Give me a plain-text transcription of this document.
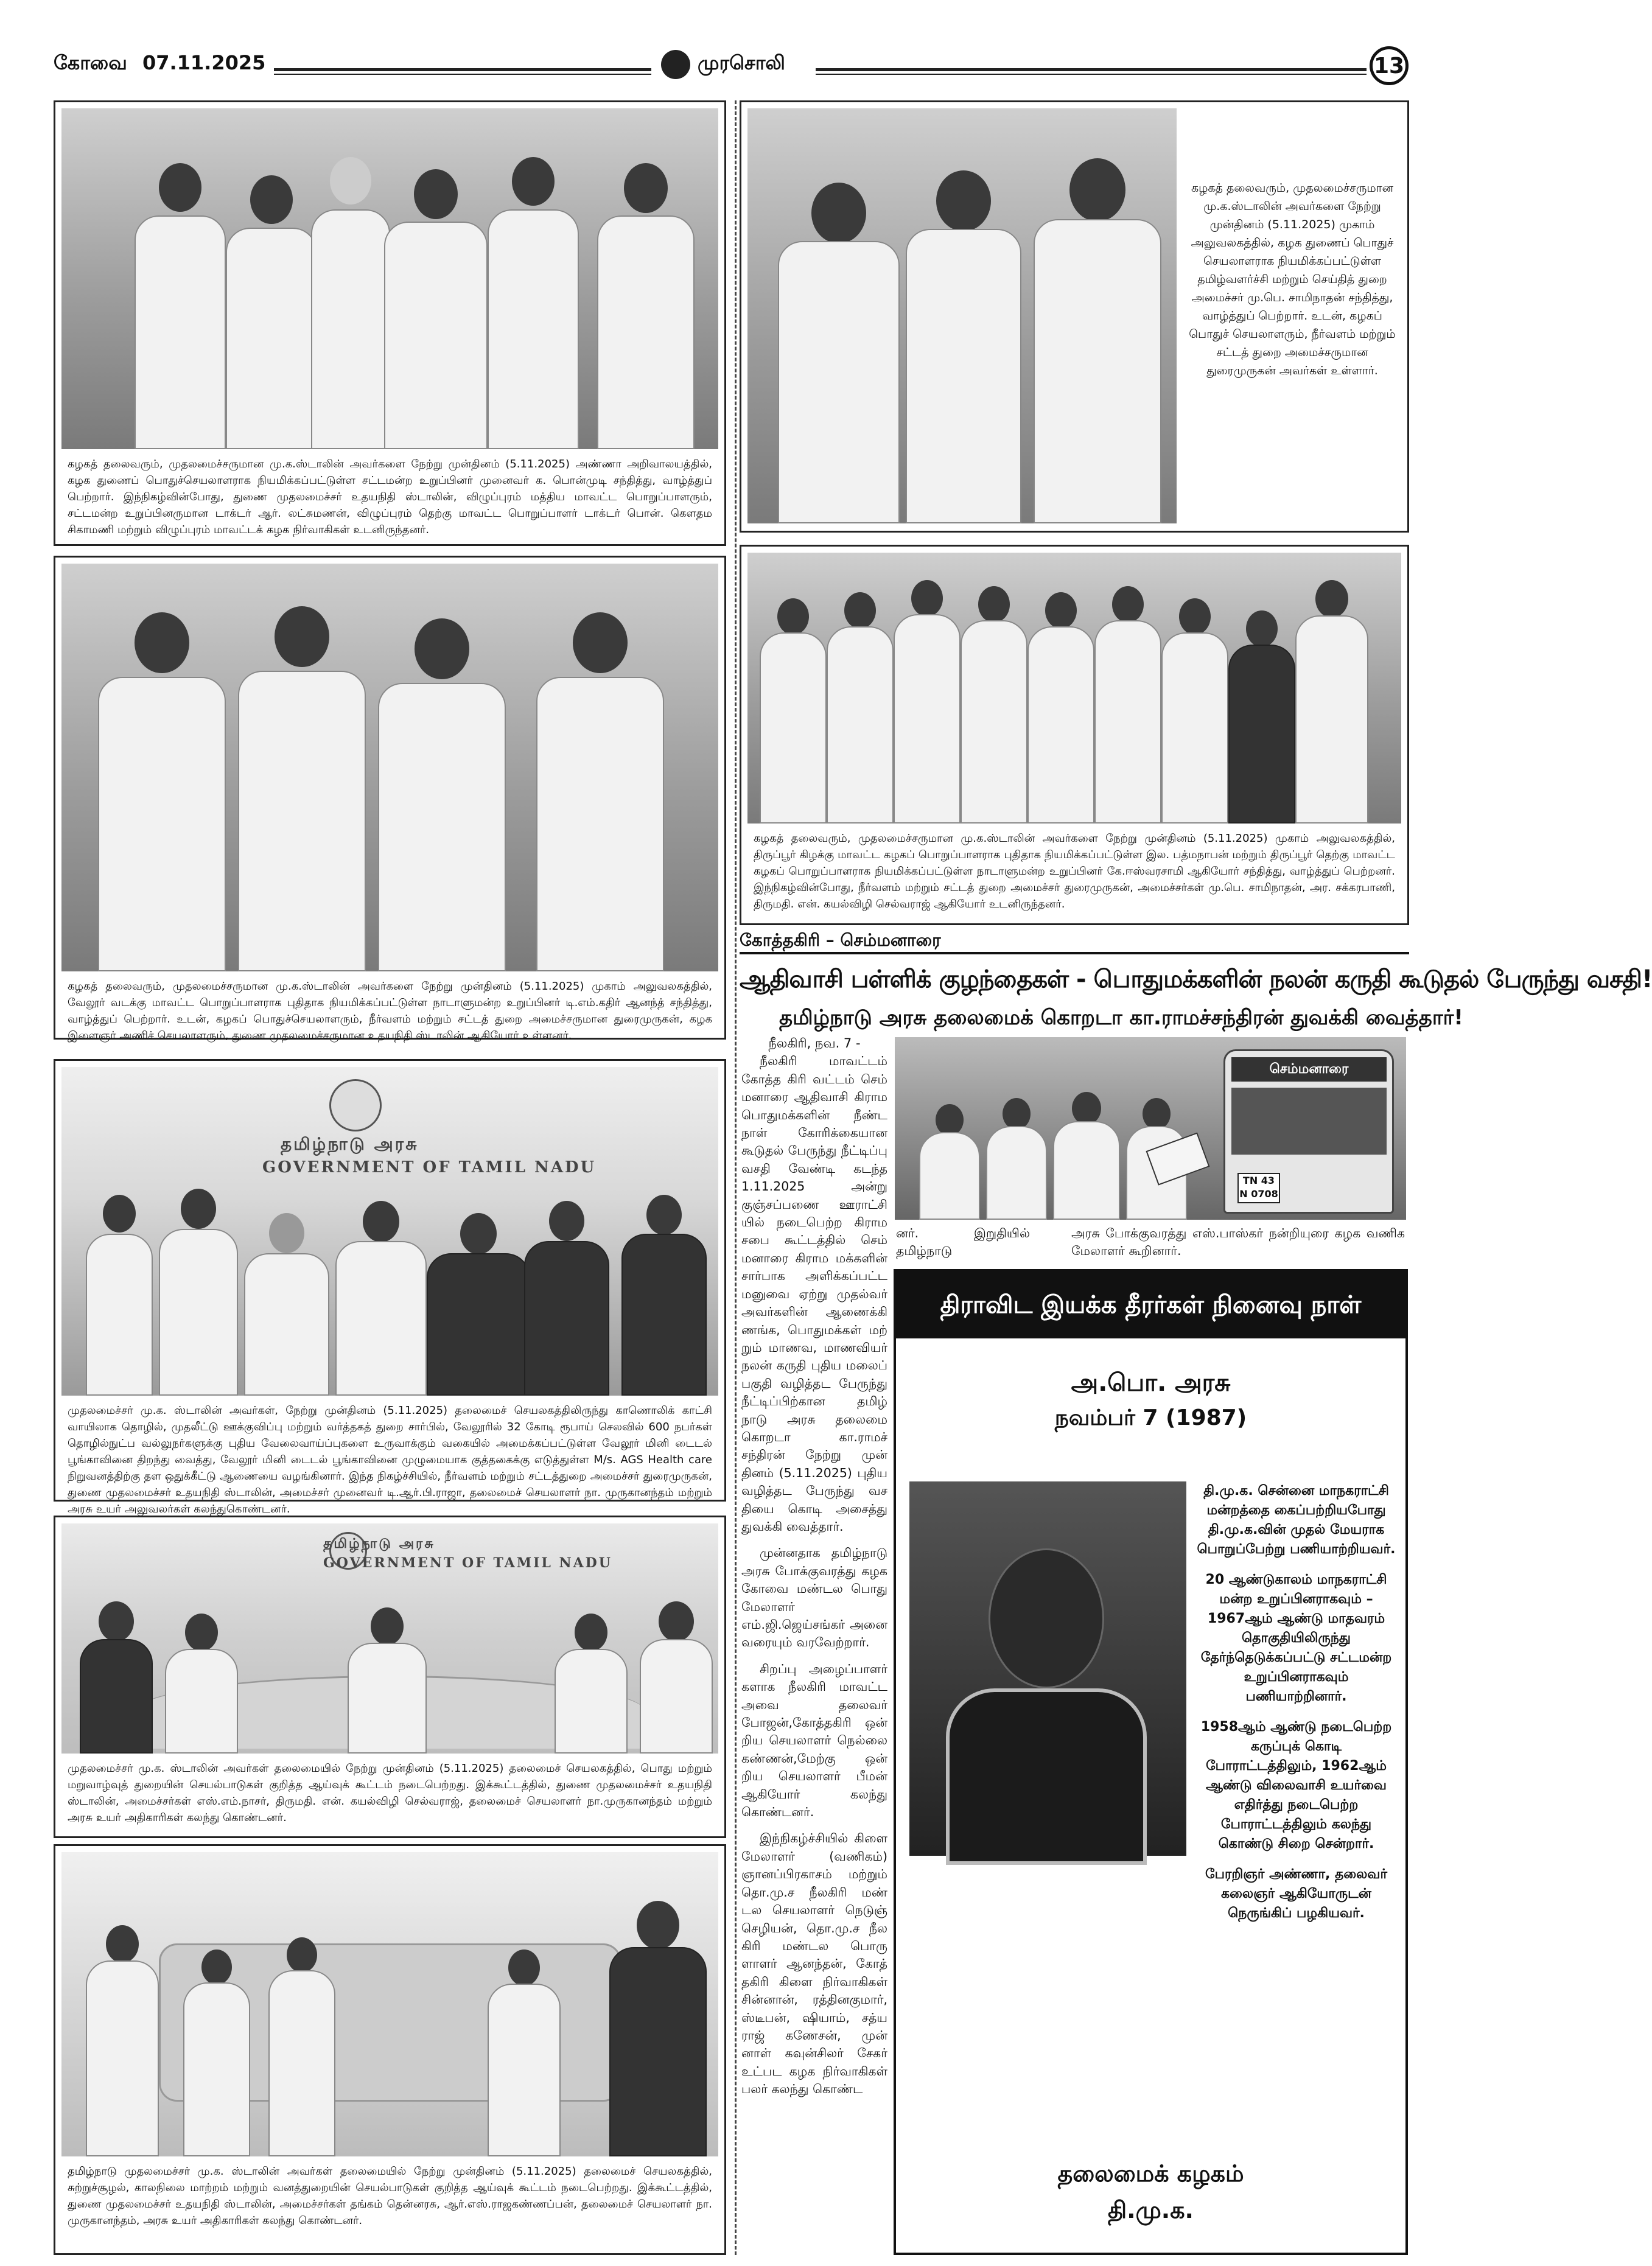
கோவை 07.11.2025	முரசொலி	13
கழகத் தலைவரும், முதலமைச்சருமான மு.க.ஸ்டாலின் அவர்களை நேற்று முன்தினம் (5.11.2025) அண்ணா அறிவாலயத்தில், கழக துணைப் பொதுச்செயலாளராக நியமிக்கப்பட்டுள்ள சட்டமன்ற உறுப்பினர் முனைவர் க. பொன்முடி சந்தித்து, வாழ்த்துப் பெற்றார். இந்நிகழ்வின்போது, துணை முதலமைச்சர் உதயநிதி ஸ்டாலின், விழுப்புரம் மத்திய மாவட்ட பொறுப்பாளரும், சட்டமன்ற உறுப்பினருமான டாக்டர் ஆர். லட்சுமணன், விழுப்புரம் தெற்கு மாவட்ட பொறுப்பாளர் டாக்டர் பொன். கௌதம சிகாமணி மற்றும் விழுப்புரம் மாவட்டக் கழக நிர்வாகிகள் உடனிருந்தனர்.
கழகத் தலைவரும், முதலமைச்சருமான மு.க.ஸ்டாலின் அவர்களை நேற்று முன்தினம் (5.11.2025) முகாம் அலுவலகத்தில், வேலூர் வடக்கு மாவட்ட பொறுப்பாளராக புதிதாக நியமிக்கப்பட்டுள்ள நாடாளுமன்ற உறுப்பினர் டி.எம்.கதிர் ஆனந்த் சந்தித்து, வாழ்த்துப் பெற்றார். உடன், கழகப் பொதுச்செயலாளரும், நீர்வளம் மற்றும் சட்டத் துறை அமைச்சருமான துரைமுருகன், கழக இளைஞர் அணிச் செயலாளரும், துணை முதலமைச்சருமான உதயநிதி ஸ்டாலின் ஆகியோர் உள்ளனர்.
தமிழ்நாடு அரசு
GOVERNMENT OF TAMIL NADU
முதலமைச்சர் மு.க. ஸ்டாலின் அவர்கள், நேற்று முன்தினம் (5.11.2025) தலைமைச் செயலகத்திலிருந்து காணொலிக் காட்சி வாயிலாக தொழில், முதலீட்டு ஊக்குவிப்பு மற்றும் வர்த்தகத் துறை சார்பில், வேலூரில் 32 கோடி ரூபாய் செலவில் 600 நபர்கள் தொழில்நுட்ப வல்லுநர்களுக்கு புதிய வேலைவாய்ப்புகளை உருவாக்கும் வகையில் அமைக்கப்பட்டுள்ள வேலூர் மினி டைடல் பூங்காவினை திறந்து வைத்து, வேலூர் மினி டைடல் பூங்காவினை முழுமையாக குத்தகைக்கு எடுத்துள்ள M/s. AGS Health care நிறுவனத்திற்கு தள ஒதுக்கீட்டு ஆணையை வழங்கினார். இந்த நிகழ்ச்சியில், நீர்வளம் மற்றும் சட்டத்துறை அமைச்சர் துரைமுருகன், துணை முதலமைச்சர் உதயநிதி ஸ்டாலின், அமைச்சர் முனைவர் டி.ஆர்.பி.ராஜா, தலைமைச் செயலாளர் நா. முருகானந்தம் மற்றும் அரசு உயர் அலுவலர்கள் கலந்துகொண்டனர்.
தமிழ்நாடு அரசு
GOVERNMENT OF TAMIL NADU
முதலமைச்சர் மு.க. ஸ்டாலின் அவர்கள் தலைமையில் நேற்று முன்தினம் (5.11.2025) தலைமைச் செயலகத்தில், பொது மற்றும் மறுவாழ்வுத் துறையின் செயல்பாடுகள் குறித்த ஆய்வுக் கூட்டம் நடைபெற்றது. இக்கூட்டத்தில், துணை முதலமைச்சர் உதயநிதி ஸ்டாலின், அமைச்சர்கள் எஸ்.எம்.நாசர், திருமதி. என். கயல்விழி செல்வராஜ், தலைமைச் செயலாளர் நா.முருகானந்தம் மற்றும் அரசு உயர் அதிகாரிகள் கலந்து கொண்டனர்.
தமிழ்நாடு முதலமைச்சர் மு.க. ஸ்டாலின் அவர்கள் தலைமையில் நேற்று முன்தினம் (5.11.2025) தலைமைச் செயலகத்தில், சுற்றுச்சூழல், காலநிலை மாற்றம் மற்றும் வனத்துறையின் செயல்பாடுகள் குறித்த ஆய்வுக் கூட்டம் நடைபெற்றது. இக்கூட்டத்தில், துணை முதலமைச்சர் உதயநிதி ஸ்டாலின், அமைச்சர்கள் தங்கம் தென்னரசு, ஆர்.எஸ்.ராஜகண்ணப்பன், தலைமைச் செயலாளர் நா. முருகானந்தம், அரசு உயர் அதிகாரிகள் கலந்து கொண்டனர்.
கழகத் தலைவரும், முதலமைச்சருமான மு.க.ஸ்டாலின் அவர்களை நேற்று முன்தினம் (5.11.2025) முகாம் அலுவலகத்தில், கழக துணைப் பொதுச் செயலாளராக நியமிக்கப்பட்டுள்ள தமிழ்வளர்ச்சி மற்றும் செய்தித் துறை அமைச்சர் மு.பெ. சாமிநாதன் சந்தித்து, வாழ்த்துப் பெற்றார். உடன், கழகப் பொதுச் செயலாளரும், நீர்வளம் மற்றும் சட்டத் துறை அமைச்சருமான துரைமுருகன் அவர்கள் உள்ளார்.
கழகத் தலைவரும், முதலமைச்சருமான மு.க.ஸ்டாலின் அவர்களை நேற்று முன்தினம் (5.11.2025) முகாம் அலுவலகத்தில், திருப்பூர் கிழக்கு மாவட்ட கழகப் பொறுப்பாளராக புதிதாக நியமிக்கப்பட்டுள்ள இல. பத்மநாபன் மற்றும் திருப்பூர் தெற்கு மாவட்ட கழகப் பொறுப்பாளராக நியமிக்கப்பட்டுள்ள நாடாளுமன்ற உறுப்பினர் கே.ஈஸ்வரசாமி ஆகியோர் சந்தித்து, வாழ்த்துப் பெற்றனர். இந்நிகழ்வின்போது, நீர்வளம் மற்றும் சட்டத் துறை அமைச்சர் துரைமுருகன், அமைச்சர்கள் மு.பெ. சாமிநாதன், அர. சக்கரபாணி, திருமதி. என். கயல்விழி செல்வராஜ் ஆகியோர் உடனிருந்தனர்.
கோத்தகிரி – செம்மனாரை
ஆதிவாசி பள்ளிக் குழந்தைகள் - பொதுமக்களின் நலன் கருதி கூடுதல் பேருந்து வசதி!
தமிழ்நாடு அரசு தலைமைக் கொறடா கா.ராமச்சந்திரன் துவக்கி வைத்தார்!

நீலகிரி, நவ. 7 -

நீலகிரி மாவட்டம் கோத்த கிரி வட்டம் செம் மனாரை ஆதிவாசி கிராம பொதுமக்களின் நீண்ட நாள் கோரிக்கையான கூடுதல் பேருந்து நீட்டிப்பு வசதி வேண்டி கடந்த 1.11.2025 அன்று குஞ்சப்பணை ஊராட்சி யில் நடைபெற்ற கிராம சபை கூட்டத்தில் செம் மனாரை கிராம மக்களின் சார்பாக அளிக்கப்பட்ட மனுவை ஏற்று முதல்வர் அவர்களின் ஆணைக்கி ணங்க, பொதுமக்கள் மற் றும் மாணவ, மாணவியர் நலன் கருதி புதிய மலைப் பகுதி வழித்தட பேருந்து நீட்டிப்பிற்கான தமிழ் நாடு அரசு தலைமை கொறடா கா.ராமச் சந்திரன் நேற்று முன் தினம் (5.11.2025) புதிய வழித்தட பேருந்து வச தியை கொடி அசைத்து துவக்கி வைத்தார்.

முன்னதாக தமிழ்நாடு அரசு போக்குவரத்து கழக கோவை மண்டல பொது மேலாளர் எம்.ஜி.ஜெய்சங்கர் அனை வரையும் வரவேற்றார்.

சிறப்பு அழைப்பாளர் களாக நீலகிரி மாவட்ட அவை தலைவர் போஜன்,கோத்தகிரி ஒன் றிய செயலாளர் நெல்லை கண்ணன்,மேற்கு ஒன் றிய செயலாளர் பீமன் ஆகியோர் கலந்து கொண்டனர்.

இந்நிகழ்ச்சியில் கிளை மேலாளர் (வணிகம்) ஞானப்பிரகாசம் மற்றும் தொ.மு.ச நீலகிரி மண் டல செயலாளர் நெடுஞ் செழியன், தொ.மு.ச நீல கிரி மண்டல பொரு ளாளர் ஆனந்தன், கோத் தகிரி கிளை நிர்வாகிகள் சின்னான், ரத்தினகுமார், ஸ்டீபன், ஷியாம், சத்ய ராஜ் கணேசன், முன் னாள் கவுன்சிலர் சேகர் உட்பட கழக நிர்வாகிகள் பலர் கலந்து கொண்ட

செம்மனாரை
TN 43 N 0708
னர். இறுதியில் தமிழ்நாடு
அரசு போக்குவரத்து எஸ்.பாஸ்கர் நன்றியுரை கழக வணிக மேலாளர் கூறினார்.
திராவிட இயக்க தீரர்கள் நினைவு நாள்
அ.பொ. அரசு
நவம்பர் 7 (1987)

தி.மு.க. சென்னை மாநகராட்சி மன்றத்தை கைப்பற்றியபோது தி.மு.க.வின் முதல் மேயராக பொறுப்பேற்று பணியாற்றியவர்.

20 ஆண்டுகாலம் மாநகராட்சி மன்ற உறுப்பினராகவும் – 1967ஆம் ஆண்டு மாதவரம் தொகுதியிலிருந்து தேர்ந்தெடுக்கப்பட்டு சட்டமன்ற உறுப்பினராகவும் பணியாற்றினார்.

1958ஆம் ஆண்டு நடைபெற்ற கருப்புக் கொடி போராட்டத்திலும், 1962ஆம் ஆண்டு விலைவாசி உயர்வை எதிர்த்து நடைபெற்ற போராட்டத்திலும் கலந்து கொண்டு சிறை சென்றார்.

பேரறிஞர் அண்ணா, தலைவர் கலைஞர் ஆகியோருடன் நெருங்கிப் பழகியவர்.

தலைமைக் கழகம்
தி.மு.க.
